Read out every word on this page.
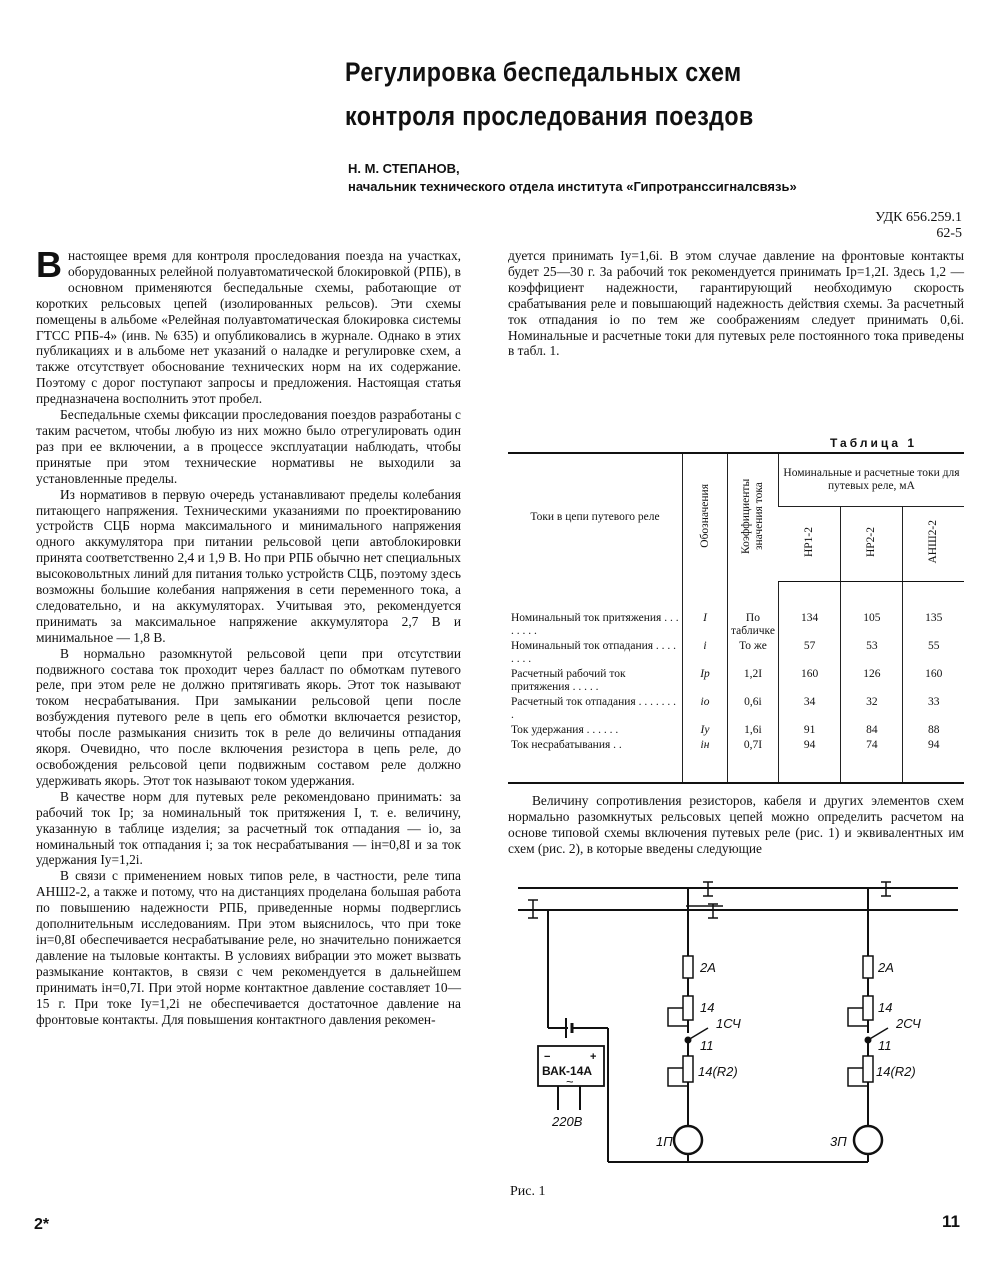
Регулировка беспедальных схем контроля проследования поездов
Н. М. СТЕПАНОВ,
начальник технического отдела института «Гипротранссигналсвязь»
УДК 656.259.1
62-5

Внастоящее время для контроля проследования поезда на участках, оборудованных релейной полуавтоматической блокировкой (РПБ), в основном применяются беспедальные схемы, работающие от коротких рельсовых цепей (изолированных рельсов). Эти схемы помещены в альбоме «Релейная полуавтоматическая блокировка системы ГТСС РПБ-4» (инв. № 635) и опубликовались в журнале. Однако в этих публикациях и в альбоме нет указаний о наладке и регулировке схем, а также отсутствует обоснование технических норм на их содержание. Поэтому с дорог поступают запросы и предложения. Настоящая статья предназначена восполнить этот пробел.

Беспедальные схемы фиксации проследования поездов разработаны с таким расчетом, чтобы любую из них можно было отрегулировать один раз при ее включении, а в процессе эксплуатации наблюдать, чтобы принятые при этом технические нормативы не выходили за установленные пределы.

Из нормативов в первую очередь устанавливают пределы колебания питающего напряжения. Техническими указаниями по проектированию устройств СЦБ норма максимального и минимального напряжения одного аккумулятора при питании рельсовой цепи автоблокировки принята соответственно 2,4 и 1,9 В. Но при РПБ обычно нет специальных высоковольтных линий для питания только устройств СЦБ, поэтому здесь возможны большие колебания напряжения в сети переменного тока, а следовательно, и на аккумуляторах. Учитывая это, рекомендуется принимать за максимальное напряжение аккумулятора 2,7 В и минимальное — 1,8 В.

В нормально разомкнутой рельсовой цепи при отсутствии подвижного состава ток проходит через балласт по обмоткам путевого реле, при этом реле не должно притягивать якорь. Этот ток называют током несрабатывания. При замыкании рельсовой цепи после возбуждения путевого реле в цепь его обмотки включается резистор, чтобы после размыкания снизить ток в реле до величины отпадания якоря. Очевидно, что после включения резистора в цепь реле, до освобождения рельсовой цепи подвижным составом реле должно удерживать якорь. Этот ток называют током удержания.

В качестве норм для путевых реле рекомендовано принимать: за рабочий ток Iр; за номинальный ток притяжения I, т. е. величину, указанную в таблице изделия; за расчетный ток отпадания — iо, за номинальный ток отпадания i; за ток несрабатывания — iн=0,8I и за ток удержания Iу=1,2i.

В связи с применением новых типов реле, в частности, реле типа АНШ2-2, а также и потому, что на дистанциях проделана большая работа по повышению надежности РПБ, приведенные нормы подверглись дополнительным исследованиям. При этом выяснилось, что при токе iн=0,8I обеспечивается несрабатывание реле, но значительно понижается давление на тыловые контакты. В условиях вибрации это может вызвать размыкание контактов, в связи с чем рекомендуется в дальнейшем принимать iн=0,7I. При этой норме контактное давление составляет 10—15 г. При токе Iу=1,2i не обеспечивается достаточное давление на фронтовые контакты. Для повышения контактного давления рекомен-

дуется принимать Iу=1,6i. В этом случае давление на фронтовые контакты будет 25—30 г. За рабочий ток рекомендуется принимать Iр=1,2I. Здесь 1,2 — коэффициент надежности, гарантирующий необходимую скорость срабатывания реле и повышающий надежность действия схемы. За расчетный ток отпадания iо по тем же соображениям следует принимать 0,6i. Номинальные и расчетные токи для путевых реле постоянного тока приведены в табл. 1.

Таблица 1
Токи в цепи путевого реле	Обозначения	Коэффициенты значения тока	Номинальные и расчетные токи для путевых реле, мА		
			НР1-2	НР2-2	АНШ2-2
Номинальный ток притяжения . . . . . . . .	I	По табличке	134	105	135
Номинальный ток отпадания . . . . . . . .	i	То же	57	53	55
Расчетный рабочий ток притяжения . . . . .	Iр	1,2I	160	126	160
Расчетный ток отпадания . . . . . . . .	iо	0,6i	34	32	33
Ток удержания . . . . . .	Iу	1,6i	91	84	88
Ток несрабатывания . .	iн	0,7I	94	74	94

Величину сопротивления резисторов, кабеля и других элементов схем нормально разомкнутых рельсовых цепей можно определить расчетом на основе типовой схемы включения путевых реле (рис. 1) и эквивалентных им схем (рис. 2), в которые введены следующие

2А
14
1СЧ
11
14(R2)
1П
2А
14
2СЧ
11
14(R2)
3П
−	+
ВАК-14А
~
220В
Рис. 1
2*	11
